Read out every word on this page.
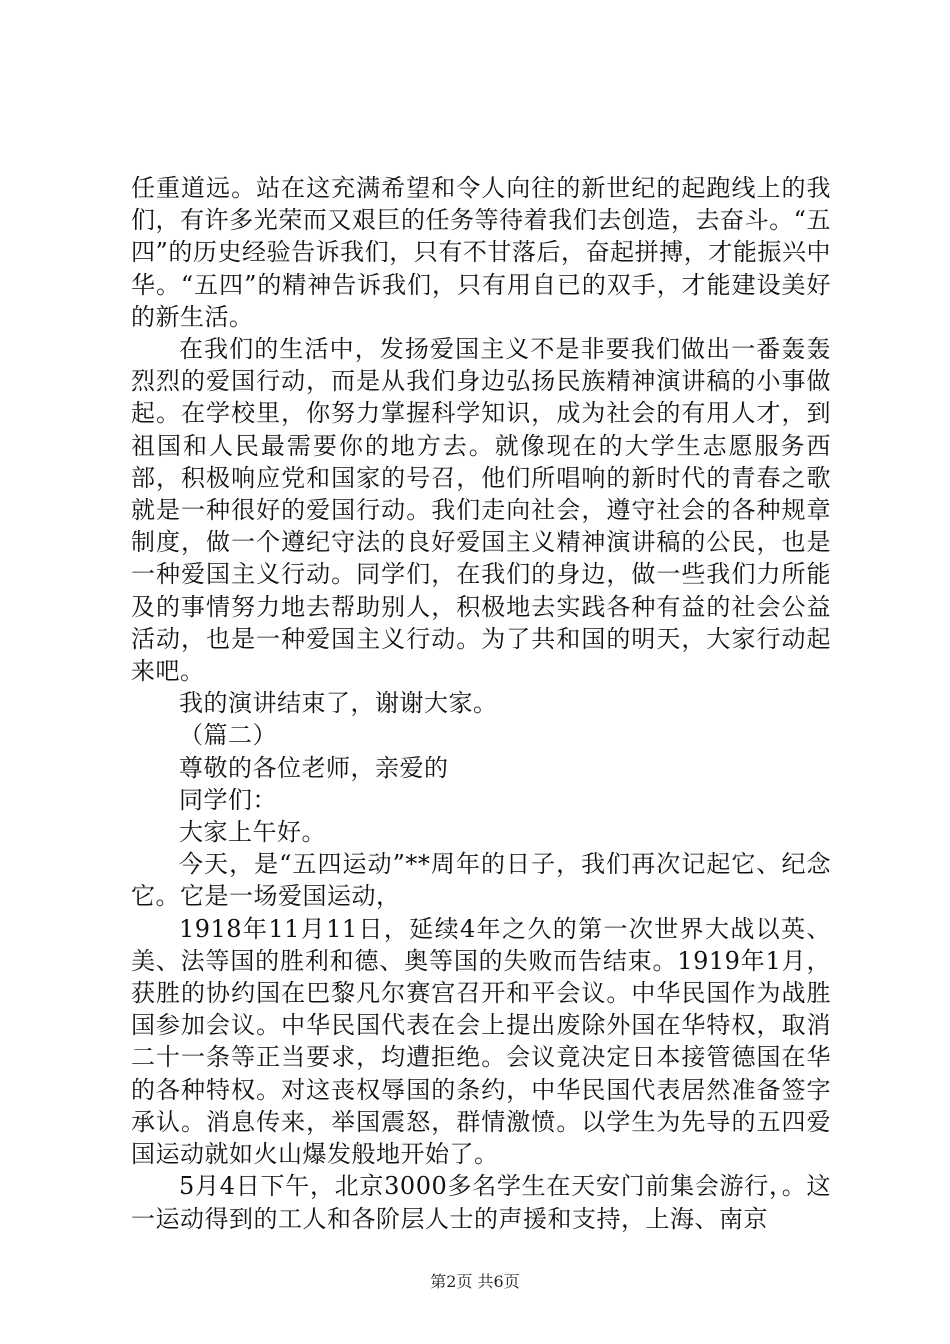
任重道远。站在这充满希望和令人向往的新世纪的起跑线上的我们，有许多光荣而又艰巨的任务等待着我们去创造，去奋斗。“五四”的历史经验告诉我们，只有不甘落后，奋起拼搏，才能振兴中华。“五四”的精神告诉我们，只有用自已的双手，才能建设美好的新生活。

在我们的生活中，发扬爱国主义不是非要我们做出一番轰轰烈烈的爱国行动，而是从我们身边弘扬民族精神演讲稿的小事做起。在学校里，你努力掌握科学知识，成为社会的有用人才，到祖国和人民最需要你的地方去。就像现在的大学生志愿服务西部，积极响应党和国家的号召，他们所唱响的新时代的青春之歌就是一种很好的爱国行动。我们走向社会，遵守社会的各种规章制度，做一个遵纪守法的良好爱国主义精神演讲稿的公民，也是一种爱国主义行动。同学们，在我们的身边，做一些我们力所能及的事情努力地去帮助别人，积极地去实践各种有益的社会公益活动，也是一种爱国主义行动。为了共和国的明天，大家行动起来吧。

我的演讲结束了，谢谢大家。

（篇二）

尊敬的各位老师，亲爱的

同学们：

大家上午好。

今天，是“五四运动”**周年的日子，我们再次记起它、纪念它。它是一场爱国运动，

1918年11月11日，延续4年之久的第一次世界大战以英、美、法等国的胜利和德、奥等国的失败而告结束。1919年1月，获胜的协约国在巴黎凡尔赛宫召开和平会议。中华民国作为战胜国参加会议。中华民国代表在会上提出废除外国在华特权，取消二十一条等正当要求，均遭拒绝。会议竟决定日本接管德国在华的各种特权。对这丧权辱国的条约，中华民国代表居然准备签字承认。消息传来，举国震怒，群情激愤。以学生为先导的五四爱国运动就如火山爆发般地开始了。

5月4日下午，北京3000多名学生在天安门前集会游行，。这一运动得到的工人和各阶层人士的声援和支持，上海、南京

第2页 共6页
